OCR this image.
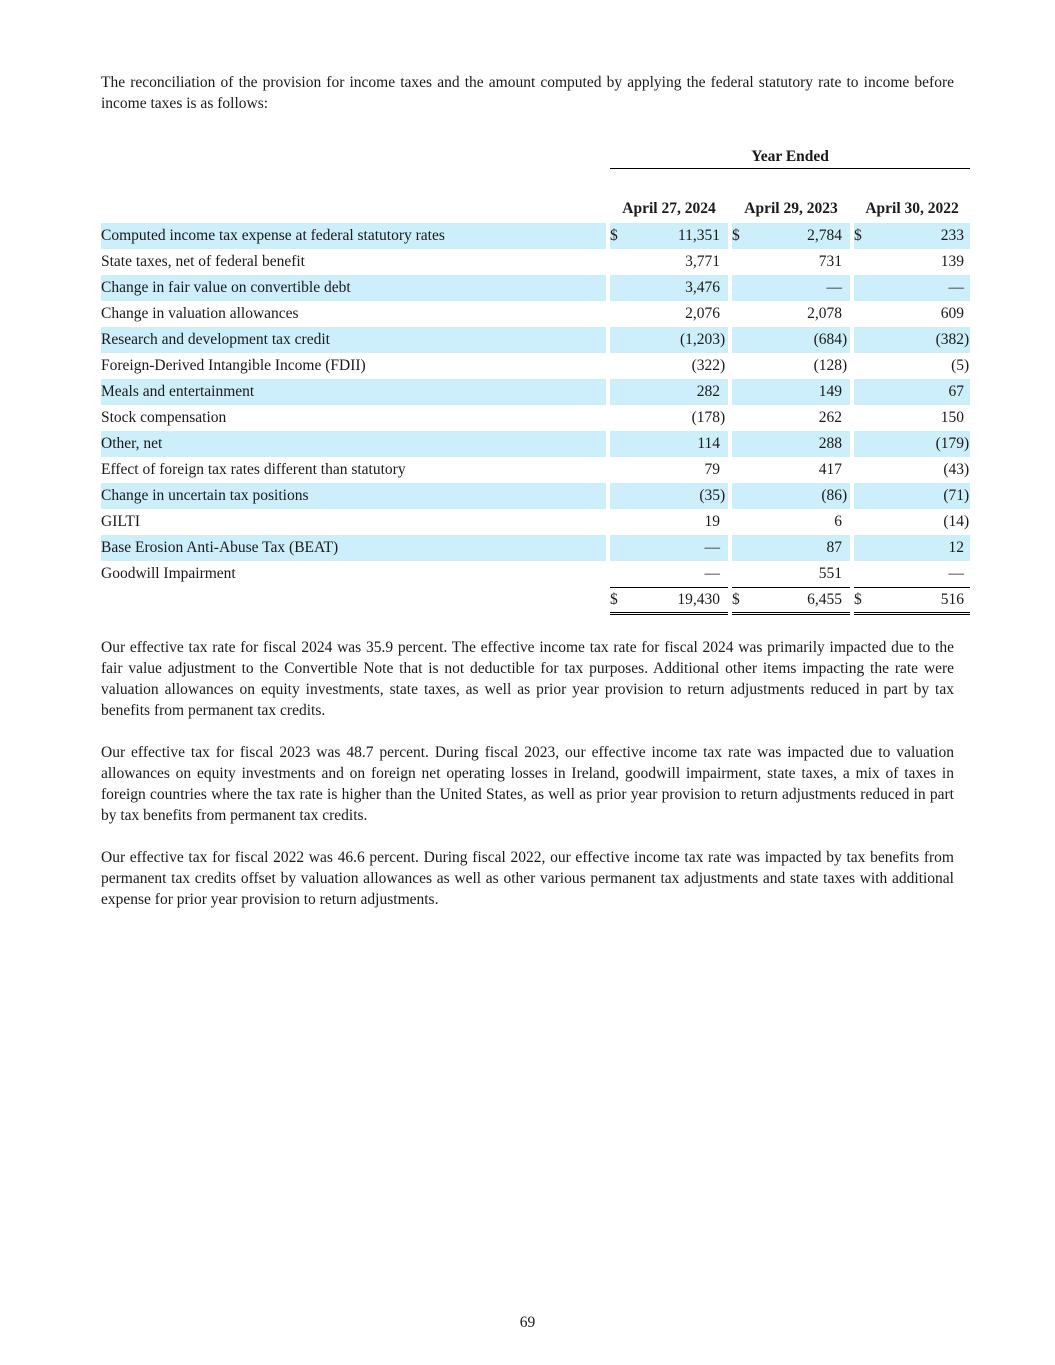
The reconciliation of the provision for income taxes and the amount computed by applying the federal statutory rate to income before income taxes is as follows:

		Year Ended										
		April 27, 2024				April 29, 2023				April 30, 2022		
Computed income tax expense at federal statutory rates		$	11,351			$	2,784			$	233	
State taxes, net of federal benefit			3,771				731				139	
Change in fair value on convertible debt			3,476				—				—	
Change in valuation allowances			2,076				2,078				609	
Research and development tax credit			(1,203	)			(684	)			(382	)
Foreign-Derived Intangible Income (FDII)			(322	)			(128	)			(5	)
Meals and entertainment			282				149				67	
Stock compensation			(178	)			262				150	
Other, net			114				288				(179	)
Effect of foreign tax rates different than statutory			79				417				(43	)
Change in uncertain tax positions			(35	)			(86	)			(71	)
GILTI			19				6				(14	)
Base Erosion Anti-Abuse Tax (BEAT)			—				87				12	
Goodwill Impairment			—				551				—	
		$	19,430			$	6,455			$	516	

Our effective tax rate for fiscal 2024 was 35.9 percent. The effective income tax rate for fiscal 2024 was primarily impacted due to the fair value adjustment to the Convertible Note that is not deductible for tax purposes. Additional other items impacting the rate were valuation allowances on equity investments, state taxes, as well as prior year provision to return adjustments reduced in part by tax benefits from permanent tax credits.

Our effective tax for fiscal 2023 was 48.7 percent. During fiscal 2023, our effective income tax rate was impacted due to valuation allowances on equity investments and on foreign net operating losses in Ireland, goodwill impairment, state taxes, a mix of taxes in foreign countries where the tax rate is higher than the United States, as well as prior year provision to return adjustments reduced in part by tax benefits from permanent tax credits.

Our effective tax for fiscal 2022 was 46.6 percent. During fiscal 2022, our effective income tax rate was impacted by tax benefits from permanent tax credits offset by valuation allowances as well as other various permanent tax adjustments and state taxes with additional expense for prior year provision to return adjustments.

69
